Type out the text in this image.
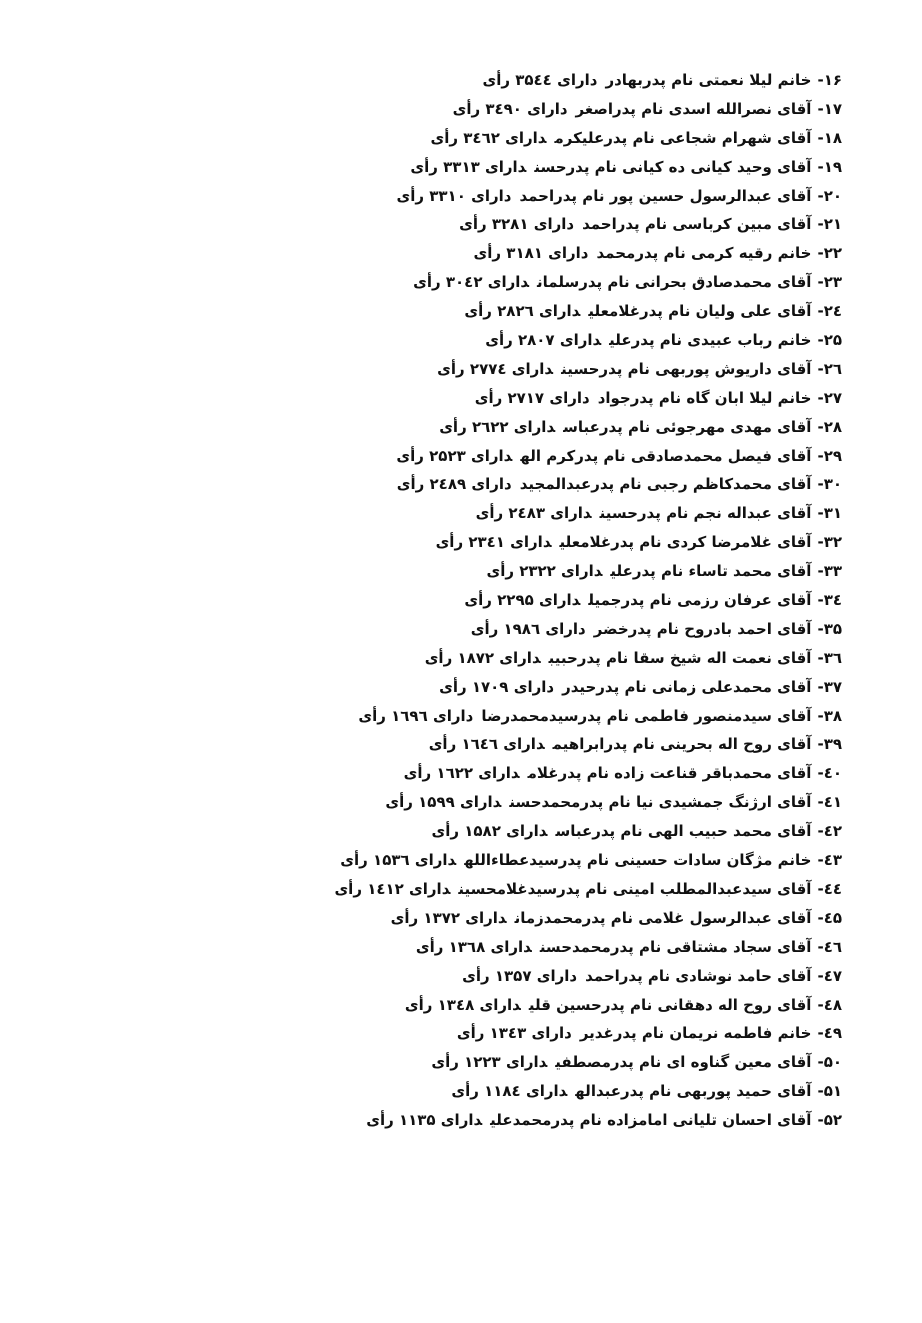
۱۶-خانم لیلا نعمتی نام پدربهادردارای ۳۵٤٤ رأی
۱۷-آقای نصرالله اسدی نام پدراصغردارای ۳٤۹۰ رأی
۱۸-آقای شهرام شجاعی نام پدرعلیکرمدارای ۳٤٦۲ رأی
۱۹-آقای وحید کیانی ده کیانی نام پدرحسندارای ۳۳۱۳ رأی
۲۰-آقای عبدالرسول حسین پور نام پدراحمددارای ۳۳۱۰ رأی
۲۱-آقای مبین کرباسی نام پدراحمددارای ۳۲۸۱ رأی
۲۲-خانم رقیه کرمی نام پدرمحمددارای ۳۱۸۱ رأی
۲۳-آقای محمدصادق بحرانی نام پدرسلماندارای ۳۰٤۲ رأی
۲٤-آقای علی ولیان نام پدرغلامعلیدارای ۲۸۲٦ رأی
۲۵-خانم رباب عبیدی نام پدرعلیدارای ۲۸۰۷ رأی
۲٦-آقای داریوش پوربهی نام پدرحسیندارای ۲۷۷٤ رأی
۲۷-خانم لیلا ابان گاه نام پدرجواددارای ۲۷۱۷ رأی
۲۸-آقای مهدی مهرجوئی نام پدرعباسدارای ۲٦۲۲ رأی
۲۹-آقای فیصل محمدصادقی نام پدرکرم الهدارای ۲۵۲۳ رأی
۳۰-آقای محمدکاظم رجبی نام پدرعبدالمجیددارای ۲٤۸۹ رأی
۳۱-آقای عبداله نجم نام پدرحسیندارای ۲٤۸۳ رأی
۳۲-آقای غلامرضا کردی نام پدرغلامعلیدارای ۲۳٤۱ رأی
۳۳-آقای محمد تاساء نام پدرعلیدارای ۲۳۲۲ رأی
۳٤-آقای عرفان رزمی نام پدرجمیلدارای ۲۲۹۵ رأی
۳۵-آقای احمد بادروح نام پدرخضردارای ۱۹۸٦ رأی
۳٦-آقای نعمت اله شیخ سقا نام پدرحبیبدارای ۱۸۷۲ رأی
۳۷-آقای محمدعلی زمانی نام پدرحیدردارای ۱۷۰۹ رأی
۳۸-آقای سیدمنصور فاطمی نام پدرسیدمحمدرضادارای ۱٦۹٦ رأی
۳۹-آقای روح اله بحرینی نام پدرابراهیمدارای ۱٦٤٦ رأی
٤۰-آقای محمدباقر قناعت زاده نام پدرغلامدارای ۱٦۲۲ رأی
٤۱-آقای ارژنگ جمشیدی نیا نام پدرمحمدحسندارای ۱۵۹۹ رأی
٤۲-آقای محمد حبیب الهی نام پدرعباسدارای ۱۵۸۲ رأی
٤۳-خانم مژگان سادات حسینی نام پدرسیدعطاءاللهدارای ۱۵۳٦ رأی
٤٤-آقای سیدعبدالمطلب امینی نام پدرسیدغلامحسیندارای ۱٤۱۲ رأی
٤۵-آقای عبدالرسول غلامی نام پدرمحمدزماندارای ۱۳۷۲ رأی
٤٦-آقای سجاد مشتاقی نام پدرمحمدحسندارای ۱۳٦۸ رأی
٤۷-آقای حامد نوشادی نام پدراحمددارای ۱۳۵۷ رأی
٤۸-آقای روح اله دهقانی نام پدرحسین قلیدارای ۱۳٤۸ رأی
٤۹-خانم فاطمه نریمان نام پدرغدیردارای ۱۳٤۳ رأی
۵۰-آقای معین گناوه ای نام پدرمصطفیدارای ۱۲۲۳ رأی
۵۱-آقای حمید پوربهی نام پدرعبدالهدارای ۱۱۸٤ رأی
۵۲-آقای احسان تلیانی امامزاده نام پدرمحمدعلیدارای ۱۱۳۵ رأی
